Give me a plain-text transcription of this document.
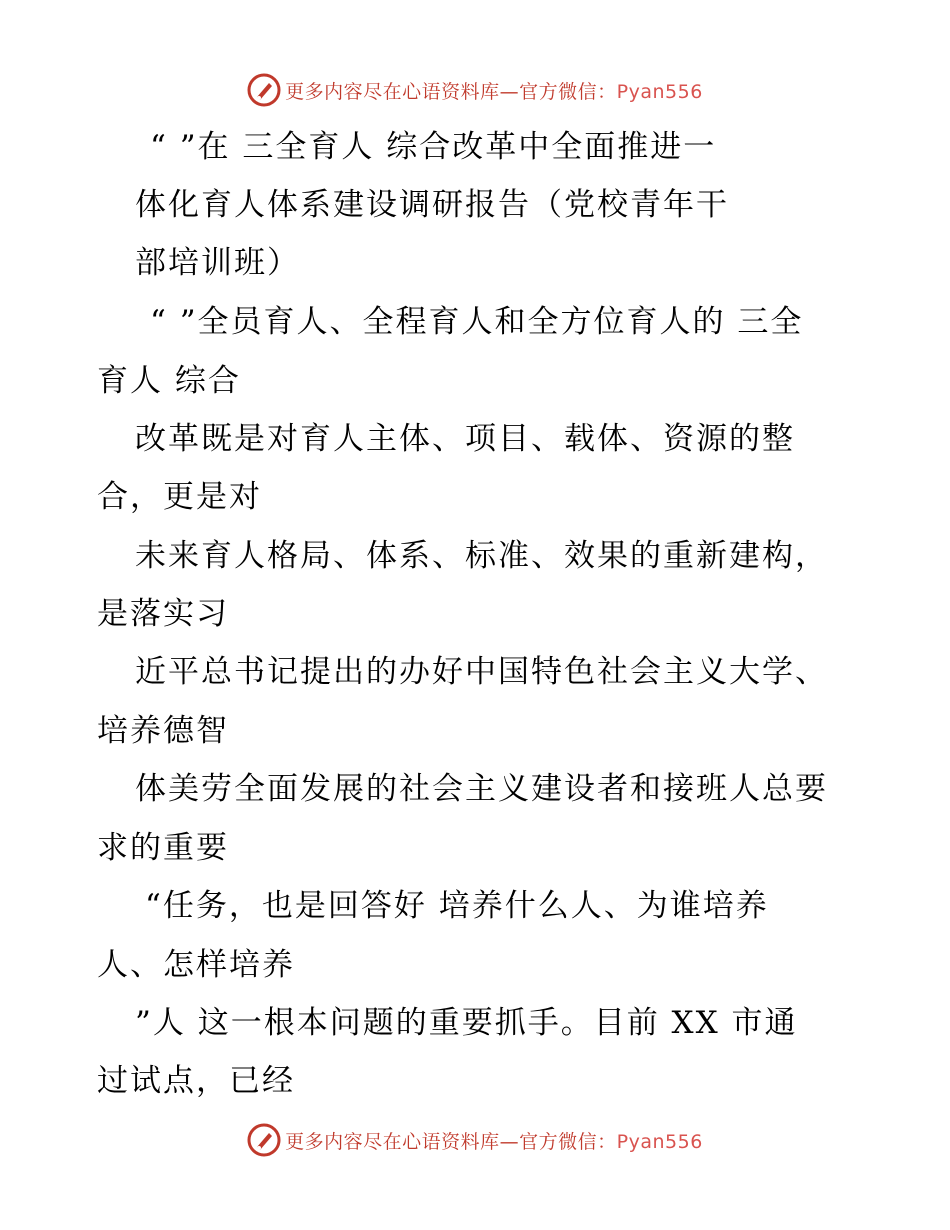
更多内容尽在心语资料库—官方微信：Pyan556
“ ”在 三全育人 综合改革中全面推进一
体化育人体系建设调研报告（党校青年干
部培训班）
“ ”全员育人、全程育人和全方位育人的 三全
育人 综合
改革既是对育人主体、项目、载体、资源的整
合，更是对
未来育人格局、体系、标准、效果的重新建构，
是落实习
近平总书记提出的办好中国特色社会主义大学、
培养德智
体美劳全面发展的社会主义建设者和接班人总要
求的重要
“任务，也是回答好 培养什么人、为谁培养
人、怎样培养
”人 这一根本问题的重要抓手。目前 XX 市通
过试点，已经
更多内容尽在心语资料库—官方微信：Pyan556
